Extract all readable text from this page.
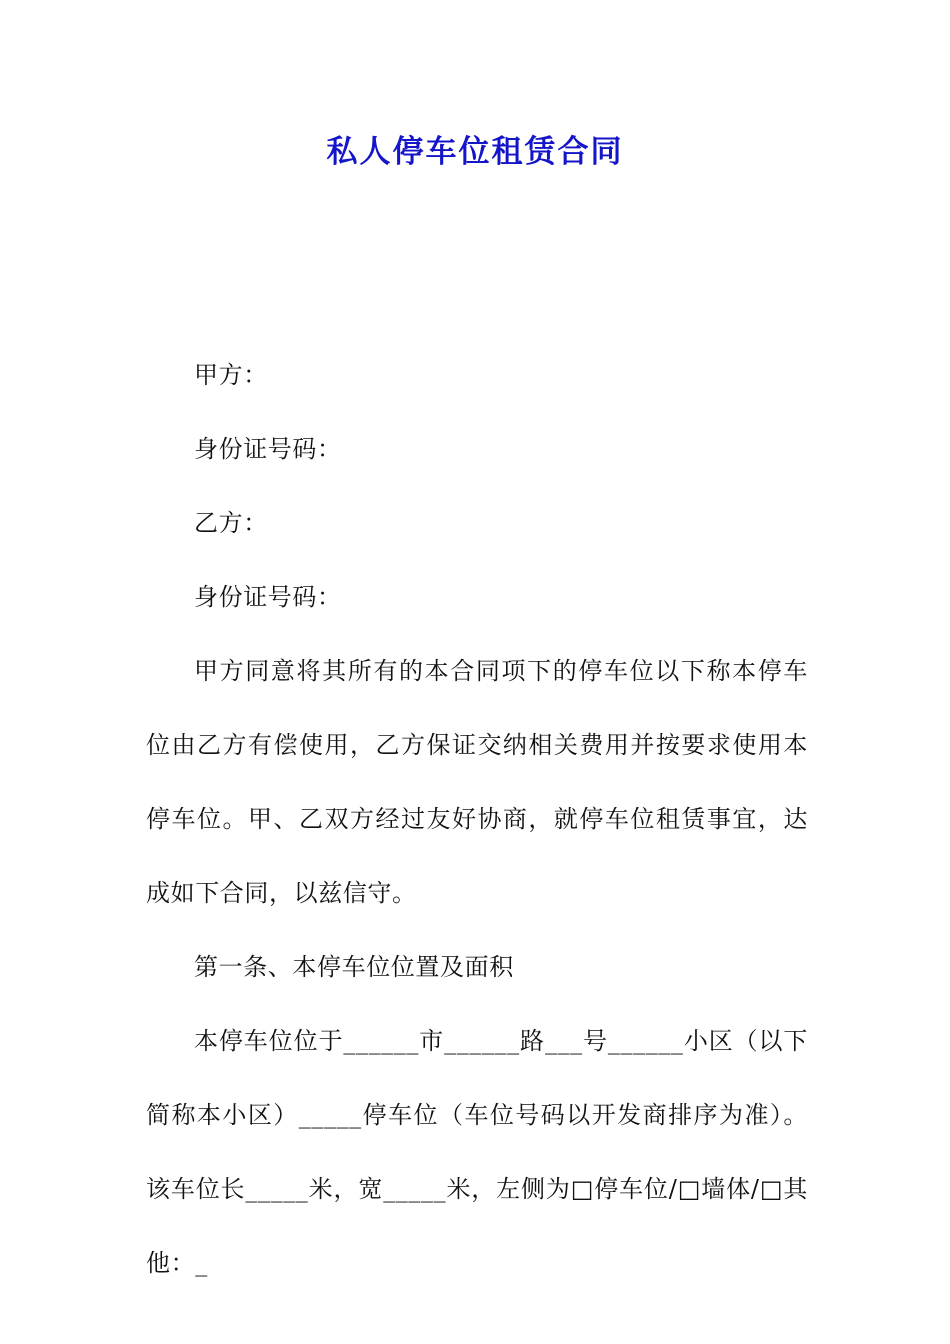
私人停车位租赁合同
甲方：
身份证号码：
乙方：
身份证号码：
甲方同意将其所有的本合同项下的停车位以下称本停车位由乙方有偿使用，乙方保证交纳相关费用并按要求使用本停车位。甲、乙双方经过友好协商，就停车位租赁事宜，达成如下合同，以兹信守。
第一条、本停车位位置及面积
本停车位位于______市______路___号______小区（以下简称本小区）_____停车位（车位号码以开发商排序为准）。该车位长_____米，宽_____米，左侧为□停车位/□墙体/□其他：_
